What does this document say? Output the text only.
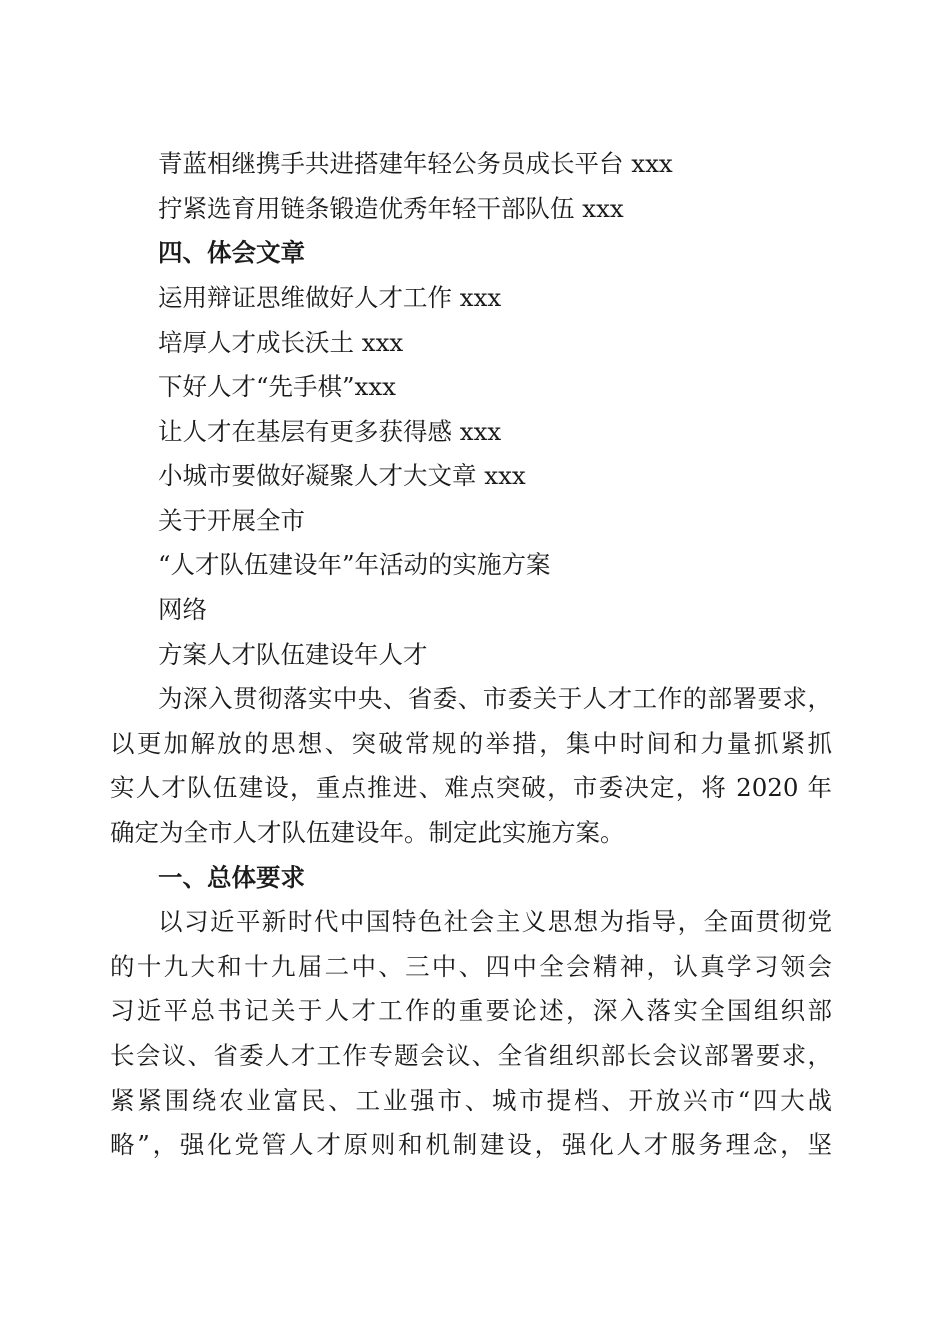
青蓝相继携手共进搭建年轻公务员成长平台 xxx
拧紧选育用链条锻造优秀年轻干部队伍 xxx
四、体会文章
运用辩证思维做好人才工作 xxx
培厚人才成长沃土 xxx
下好人才“先手棋”xxx
让人才在基层有更多获得感 xxx
小城市要做好凝聚人才大文章 xxx
关于开展全市
“人才队伍建设年”年活动的实施方案
网络
方案人才队伍建设年人才
为深入贯彻落实中央、省委、市委关于人才工作的部署要求，
以更加解放的思想、突破常规的举措，集中时间和力量抓紧抓
实人才队伍建设，重点推进、难点突破，市委决定，将 2020 年
确定为全市人才队伍建设年。制定此实施方案。
一、总体要求
以习近平新时代中国特色社会主义思想为指导，全面贯彻党
的十九大和十九届二中、三中、四中全会精神，认真学习领会
习近平总书记关于人才工作的重要论述，深入落实全国组织部
长会议、省委人才工作专题会议、全省组织部长会议部署要求，
紧紧围绕农业富民、工业强市、城市提档、开放兴市“四大战
略”，强化党管人才原则和机制建设，强化人才服务理念，坚
